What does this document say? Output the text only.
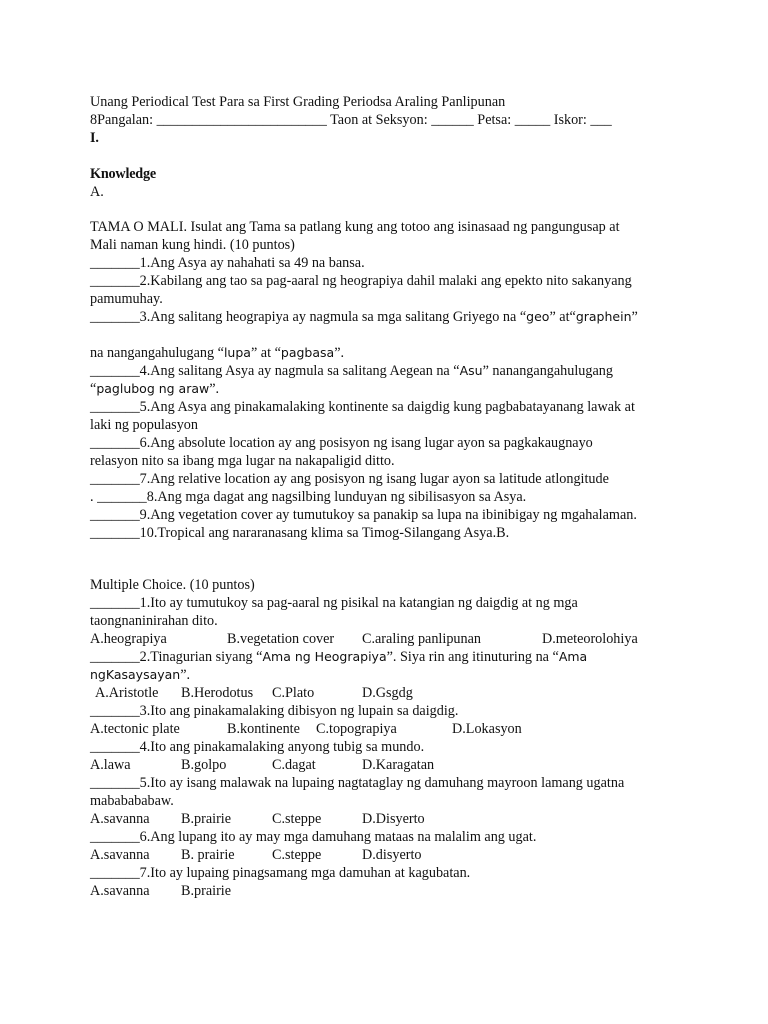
Unang Periodical Test Para sa First Grading Periodsa Araling Panlipunan
8Pangalan: ________________________ Taon at Seksyon: ______ Petsa: _____ Iskor: ___
I.
Knowledge
A.
TAMA O MALI. Isulat ang Tama sa patlang kung ang totoo ang isinasaad ng pangungusap at
Mali naman kung hindi. (10 puntos)
_______1.Ang Asya ay nahahati sa 49 na bansa.
_______2.Kabilang ang tao sa pag-aaral ng heograpiya dahil malaki ang epekto nito sakanyang
pamumuhay.
_______3.Ang salitang heograpiya ay nagmula sa mga salitang Griyego na “geo” at“graphein”
na nangangahulugang “lupa” at “pagbasa”.
_______4.Ang salitang Asya ay nagmula sa salitang Aegean na “Asu” nanangangahulugang
“paglubog ng araw”.
_______5.Ang Asya ang pinakamalaking kontinente sa daigdig kung pagbabatayanang lawak at
laki ng populasyon
_______6.Ang absolute location ay ang posisyon ng isang lugar ayon sa pagkakaugnayo
relasyon nito sa ibang mga lugar na nakapaligid ditto.
_______7.Ang relative location ay ang posisyon ng isang lugar ayon sa latitude atlongitude
. _______8.Ang mga dagat ang nagsilbing lunduyan ng sibilisasyon sa Asya.
_______9.Ang vegetation cover ay tumutukoy sa panakip sa lupa na ibinibigay ng mgahalaman.
_______10.Tropical ang nararanasang klima sa Timog-Silangang Asya.B.
Multiple Choice. (10 puntos)
_______1.Ito ay tumutukoy sa pag-aaral ng pisikal na katangian ng daigdig at ng mga
taongnaninirahan dito.
A.heograpiya	B.vegetation cover C.araling panlipunan	D.meteorolohiya
_______2.Tinagurian siyang “Ama ng Heograpiya”. Siya rin ang itinuturing na “Ama
ngKasaysayan”.
A.Aristotle B.Herodotus C.Plato	D.Gsgdg
_______3.Ito ang pinakamalaking dibisyon ng lupain sa daigdig.
A.tectonic plate	B.kontinente C.topograpiya	D.Lokasyon
_______4.Ito ang pinakamalaking anyong tubig sa mundo.
A.lawa	B.golpo	C.dagat	D.Karagatan
_______5.Ito ay isang malawak na lupaing nagtataglay ng damuhang mayroon lamang ugatna
mababababaw.
A.savanna B.prairie	C.steppe	D.Disyerto
_______6.Ang lupang ito ay may mga damuhang mataas na malalim ang ugat.
A.savanna B. prairie	C.steppe	D.disyerto
_______7.Ito ay lupaing pinagsamang mga damuhan at kagubatan.
A.savanna B.prairie
